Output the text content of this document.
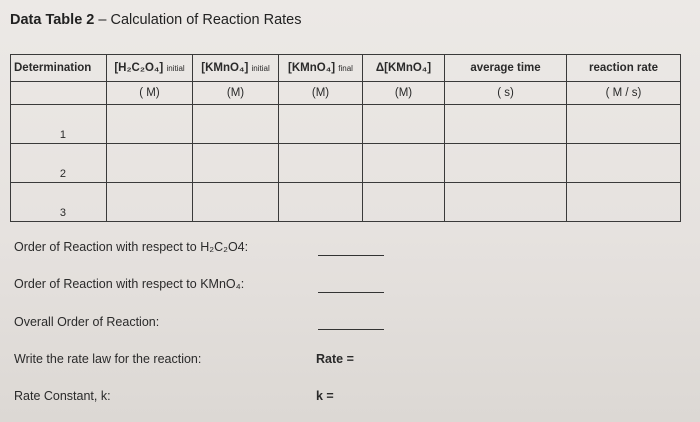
Data Table 2 – Calculation of Reaction Rates
Determination	[H₂C₂O₄] initial	[KMnO₄] initial	[KMnO₄] final	Δ[KMnO₄]	average time	reaction rate
	( M)	(M)	(M)	(M)	( s)	( M / s)
1						
2						
3						
Order of Reaction with respect to H₂C₂O4:
Order of Reaction with respect to KMnO₄:
Overall Order of Reaction:
Write the rate law for the reaction:	Rate =
Rate Constant, k:	k =
